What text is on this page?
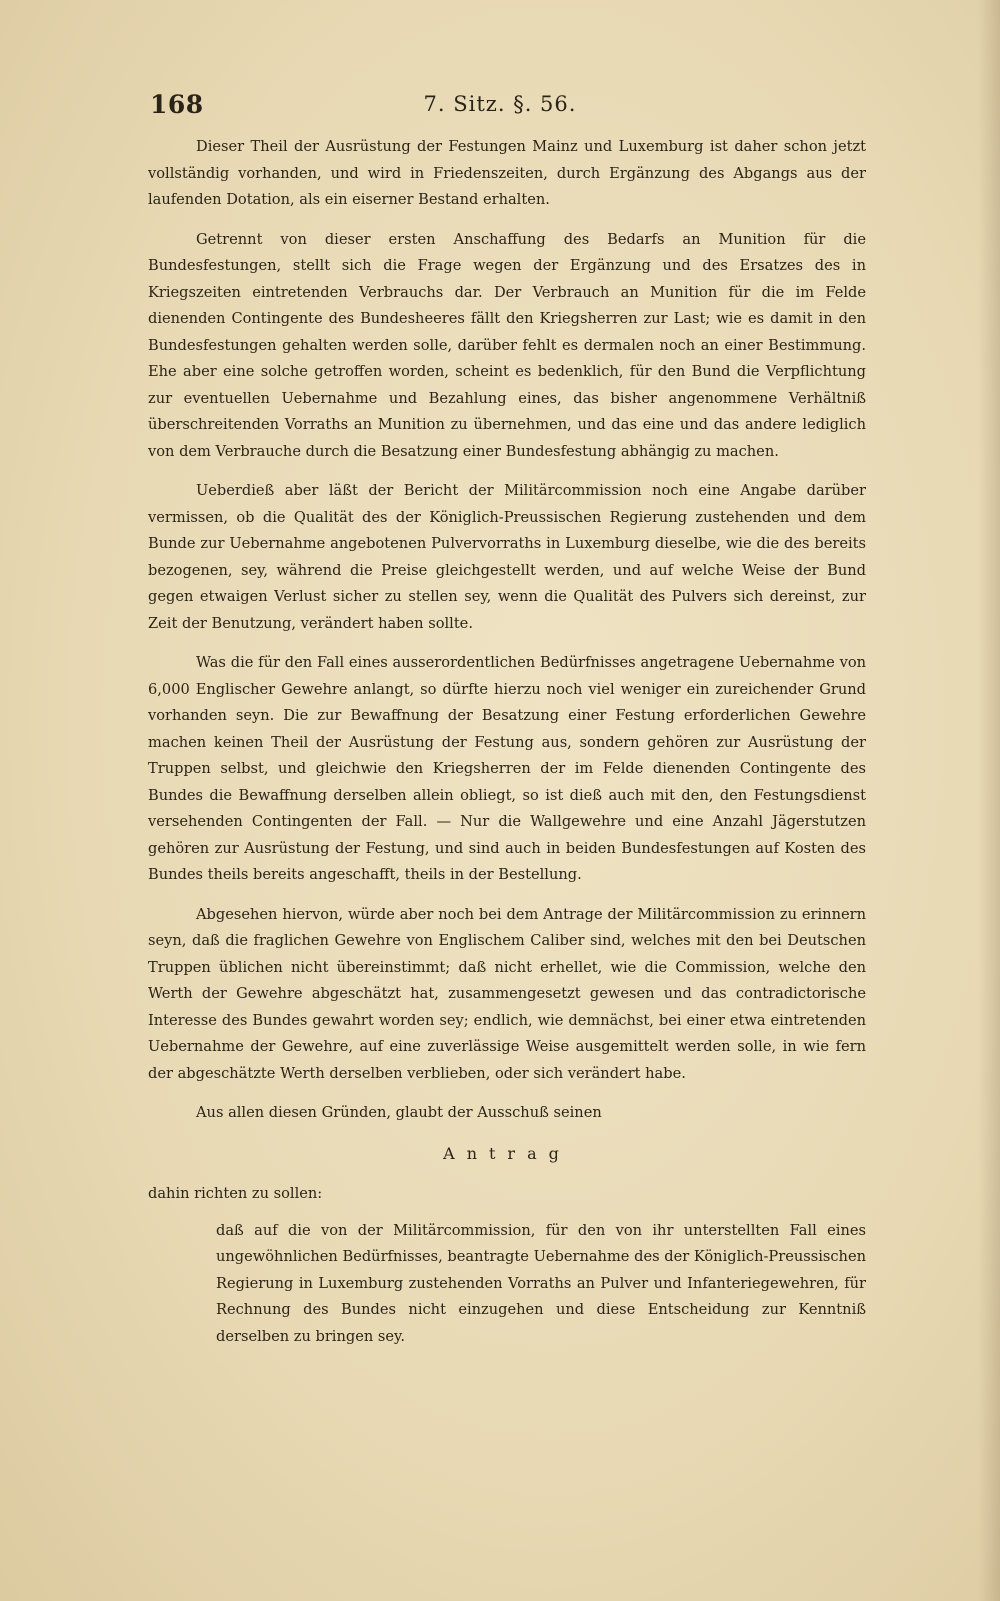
168	7. Sitz. §. 56.

Dieser Theil der Ausrüstung der Festungen Mainz und Luxemburg ist daher schon jetzt vollständig vorhanden, und wird in Friedenszeiten, durch Ergänzung des Abgangs aus der laufenden Dotation, als ein eiserner Bestand erhalten.

Getrennt von dieser ersten Anschaffung des Bedarfs an Munition für die Bundesfestungen, stellt sich die Frage wegen der Ergänzung und des Ersatzes des in Kriegszeiten eintretenden Verbrauchs dar. Der Verbrauch an Munition für die im Felde dienenden Contingente des Bundesheeres fällt den Kriegsherren zur Last; wie es damit in den Bundesfestungen gehalten werden solle, darüber fehlt es dermalen noch an einer Bestimmung. Ehe aber eine solche getroffen worden, scheint es bedenklich, für den Bund die Verpflichtung zur eventuellen Uebernahme und Bezahlung eines, das bisher angenommene Verhältniß überschreitenden Vorraths an Munition zu übernehmen, und das eine und das andere lediglich von dem Verbrauche durch die Besatzung einer Bundesfestung abhängig zu machen.

Ueberdieß aber läßt der Bericht der Militärcommission noch eine Angabe darüber vermissen, ob die Qualität des der Königlich-Preussischen Regierung zustehenden und dem Bunde zur Uebernahme angebotenen Pulvervorraths in Luxemburg dieselbe, wie die des bereits bezogenen, sey, während die Preise gleichgestellt werden, und auf welche Weise der Bund gegen etwaigen Verlust sicher zu stellen sey, wenn die Qualität des Pulvers sich dereinst, zur Zeit der Benutzung, verändert haben sollte.

Was die für den Fall eines ausserordentlichen Bedürfnisses angetragene Uebernahme von 6,000 Englischer Gewehre anlangt, so dürfte hierzu noch viel weniger ein zureichender Grund vorhanden seyn. Die zur Bewaffnung der Besatzung einer Festung erforderlichen Gewehre machen keinen Theil der Ausrüstung der Festung aus, sondern gehören zur Ausrüstung der Truppen selbst, und gleichwie den Kriegsherren der im Felde dienenden Contingente des Bundes die Bewaffnung derselben allein obliegt, so ist dieß auch mit den, den Festungsdienst versehenden Contingenten der Fall. — Nur die Wallgewehre und eine Anzahl Jägerstutzen gehören zur Ausrüstung der Festung, und sind auch in beiden Bundesfestungen auf Kosten des Bundes theils bereits angeschafft, theils in der Bestellung.

Abgesehen hiervon, würde aber noch bei dem Antrage der Militärcommission zu erinnern seyn, daß die fraglichen Gewehre von Englischem Caliber sind, welches mit den bei Deutschen Truppen üblichen nicht übereinstimmt; daß nicht erhellet, wie die Commission, welche den Werth der Gewehre abgeschätzt hat, zusammengesetzt gewesen und das contradictorische Interesse des Bundes gewahrt worden sey; endlich, wie demnächst, bei einer etwa eintretenden Uebernahme der Gewehre, auf eine zuverlässige Weise ausgemittelt werden solle, in wie fern der abgeschätzte Werth derselben verblieben, oder sich verändert habe.

Aus allen diesen Gründen, glaubt der Ausschuß seinen

Antrag

dahin richten zu sollen:

daß auf die von der Militärcommission, für den von ihr unterstellten Fall eines ungewöhnlichen Bedürfnisses, beantragte Uebernahme des der Königlich-Preussischen Regierung in Luxemburg zustehenden Vorraths an Pulver und Infanteriegewehren, für Rechnung des Bundes nicht einzugehen und diese Entscheidung zur Kenntniß derselben zu bringen sey.
